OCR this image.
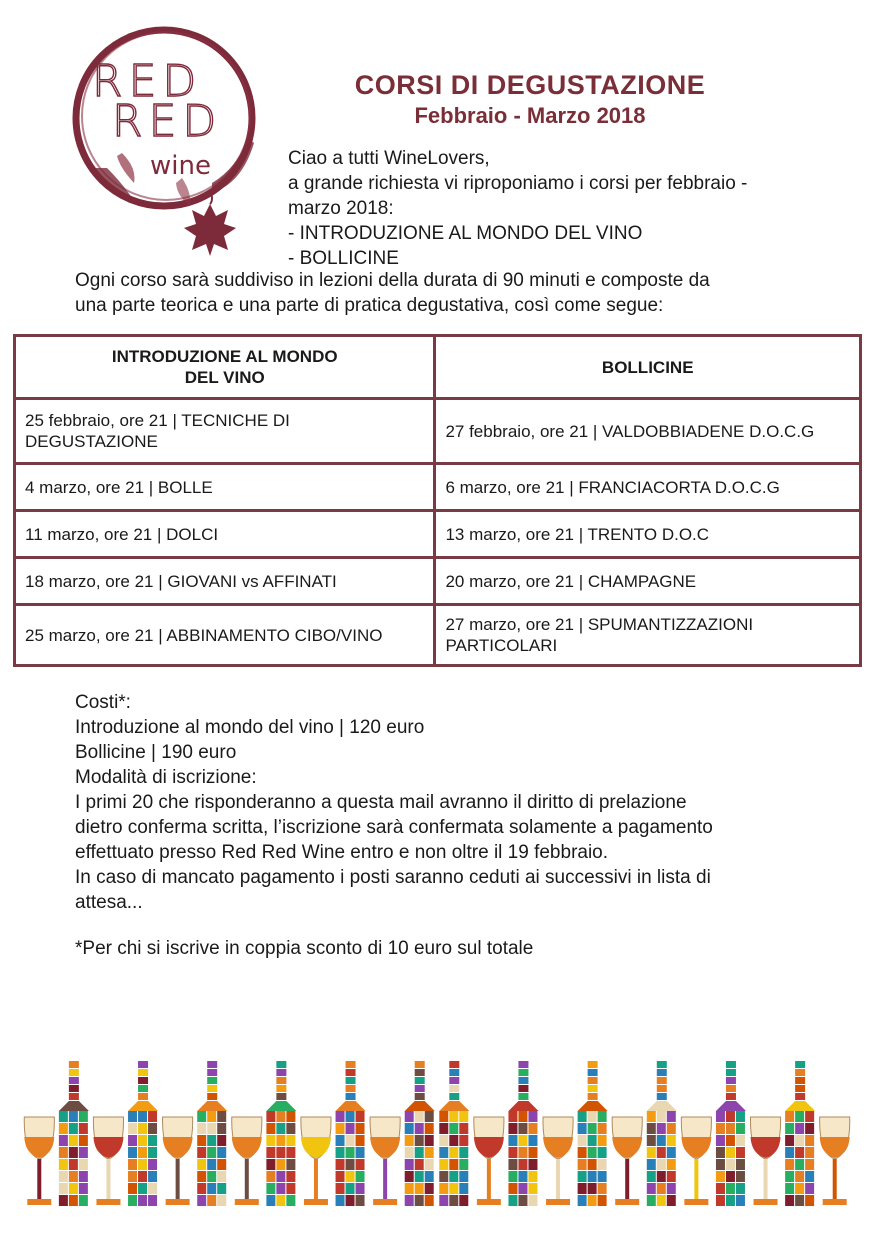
RED
RED
wine
CORSI DI DEGUSTAZIONE
Febbraio - Marzo 2018
Ciao a tutti WineLovers,
a grande richiesta vi riproponiamo i corsi per febbraio -
marzo 2018:
- INTRODUZIONE AL MONDO DEL VINO
- BOLLICINE
Ogni corso sarà suddiviso in lezioni della durata di 90 minuti e composte da
una parte teorica e una parte di pratica degustativa, così come segue:
INTRODUZIONE AL MONDO
DEL VINO	BOLLICINE
25 febbraio, ore 21 | TECNICHE DI DEGUSTAZIONE	27 febbraio, ore 21 | VALDOBBIADENE D.O.C.G
4 marzo, ore 21 | BOLLE	6 marzo, ore 21 | FRANCIACORTA D.O.C.G
11 marzo, ore 21 | DOLCI	13 marzo, ore 21 | TRENTO D.O.C
18 marzo, ore 21 | GIOVANI vs AFFINATI	20 marzo, ore 21 | CHAMPAGNE
25 marzo, ore 21 | ABBINAMENTO CIBO/VINO	27 marzo, ore 21 | SPUMANTIZZAZIONI PARTICOLARI
Costi*:
Introduzione al mondo del vino | 120 euro
Bollicine | 190 euro
Modalità di iscrizione:
I primi 20 che risponderanno a questa mail avranno il diritto di prelazione
dietro conferma scritta, l’iscrizione sarà confermata solamente a pagamento
effettuato presso Red Red Wine entro e non oltre il 19 febbraio.
In caso di mancato pagamento i posti saranno ceduti ai successivi in lista di
attesa...
*Per chi si iscrive in coppia sconto di 10 euro sul totale
